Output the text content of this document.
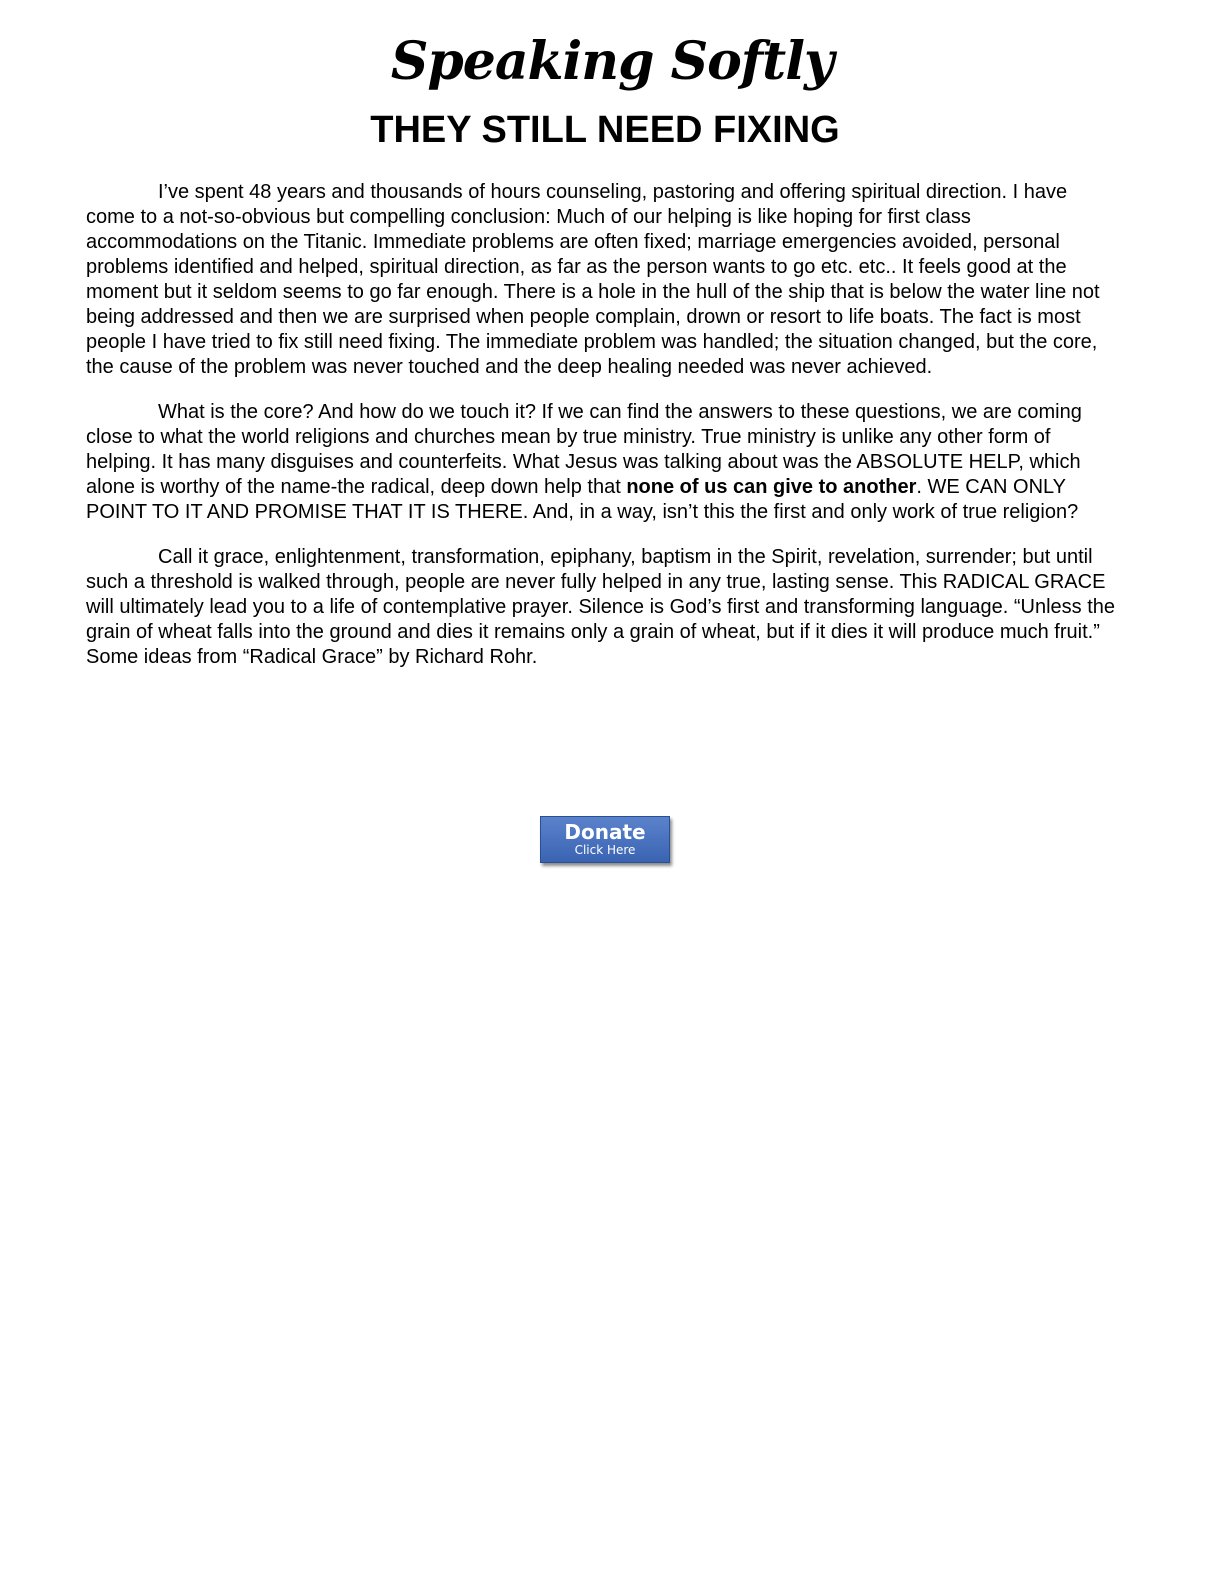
Speaking Softly
THEY STILL NEED FIXING

I’ve spent 48 years and thousands of hours counseling, pastoring and offering spiritual direction. I have come to a not-so-obvious but compelling conclusion: Much of our helping is like hoping for first class accommodations on the Titanic. Immediate problems are often fixed; marriage emergencies avoided, personal problems identified and helped, spiritual direction, as far as the person wants to go etc. etc.. It feels good at the moment but it seldom seems to go far enough. There is a hole in the hull of the ship that is below the water line not being addressed and then we are surprised when people complain, drown or resort to life boats. The fact is most people I have tried to fix still need fixing. The immediate problem was handled; the situation changed, but the core, the cause of the problem was never touched and the deep healing needed was never achieved.

What is the core? And how do we touch it? If we can find the answers to these questions, we are coming close to what the world religions and churches mean by true ministry. True ministry is unlike any other form of helping. It has many disguises and counterfeits. What Jesus was talking about was the ABSOLUTE HELP, which alone is worthy of the name-the radical, deep down help that none of us can give to another. WE CAN ONLY POINT TO IT AND PROMISE THAT IT IS THERE. And, in a way, isn’t this the first and only work of true religion?

Call it grace, enlightenment, transformation, epiphany, baptism in the Spirit, revelation, surrender; but until such a threshold is walked through, people are never fully helped in any true, lasting sense. This RADICAL GRACE will ultimately lead you to a life of contemplative prayer. Silence is God’s first and transforming language. “Unless the grain of wheat falls into the ground and dies it remains only a grain of wheat, but if it dies it will produce much fruit.” Some ideas from “Radical Grace” by Richard Rohr.

Donate
Click Here
